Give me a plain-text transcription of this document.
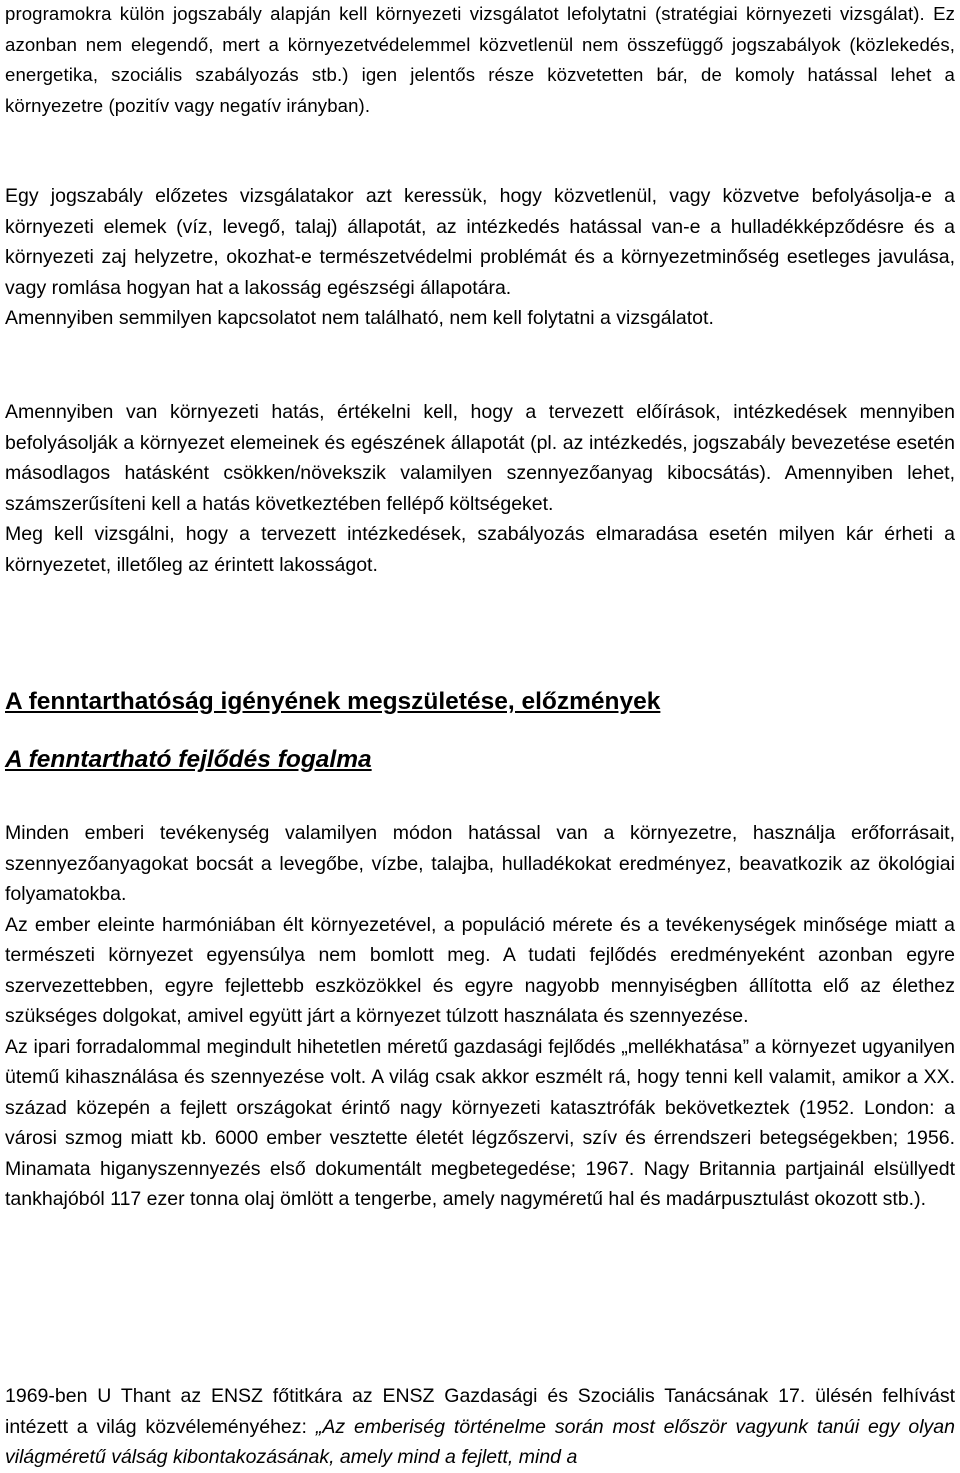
programokra külön jogszabály alapján kell környezeti vizsgálatot lefolytatni (stratégiai környezeti vizsgálat). Ez azonban nem elegendő, mert a környezetvédelemmel közvetlenül nem összefüggő jogszabályok (közlekedés, energetika, szociális szabályozás stb.) igen jelentős része közvetetten bár, de komoly hatással lehet a környezetre (pozitív vagy negatív irányban).

Egy jogszabály előzetes vizsgálatakor azt keressük, hogy közvetlenül, vagy közvetve befolyásolja-e a környezeti elemek (víz, levegő, talaj) állapotát, az intézkedés hatással van-e a hulladékképződésre és a környezeti zaj helyzetre, okozhat-e természetvédelmi problémát és a környezetminőség esetleges javulása, vagy romlása hogyan hat a lakosság egészségi állapotára.

Amennyiben semmilyen kapcsolatot nem található, nem kell folytatni a vizsgálatot.

Amennyiben van környezeti hatás, értékelni kell, hogy a tervezett előírások, intézkedések mennyiben befolyásolják a környezet elemeinek és egészének állapotát (pl. az intézkedés, jogszabály bevezetése esetén másodlagos hatásként csökken/növekszik valamilyen szennyezőanyag kibocsátás). Amennyiben lehet, számszerűsíteni kell a hatás következtében fellépő költségeket.

Meg kell vizsgálni, hogy a tervezett intézkedések, szabályozás elmaradása esetén milyen kár érheti a környezetet, illetőleg az érintett lakosságot.

A fenntarthatóság igényének megszületése, előzmények
A fenntartható fejlődés fogalma

Minden emberi tevékenység valamilyen módon hatással van a környezetre, használja erőforrásait, szennyezőanyagokat bocsát a levegőbe, vízbe, talajba, hulladékokat eredményez, beavatkozik az ökológiai folyamatokba.

Az ember eleinte harmóniában élt környezetével, a populáció mérete és a tevékenységek minősége miatt a természeti környezet egyensúlya nem bomlott meg. A tudati fejlődés eredményeként azonban egyre szervezettebben, egyre fejlettebb eszközökkel és egyre nagyobb mennyiségben állította elő az élethez szükséges dolgokat, amivel együtt járt a környezet túlzott használata és szennyezése.

Az ipari forradalommal megindult hihetetlen méretű gazdasági fejlődés „mellékhatása” a környezet ugyanilyen ütemű kihasználása és szennyezése volt. A világ csak akkor eszmélt rá, hogy tenni kell valamit, amikor a XX. század közepén a fejlett országokat érintő nagy környezeti katasztrófák bekövetkeztek (1952. London: a városi szmog miatt kb. 6000 ember vesztette életét légzőszervi, szív és érrendszeri betegségekben; 1956. Minamata higanyszennyezés első dokumentált megbetegedése; 1967. Nagy Britannia partjainál elsüllyedt tankhajóból 117 ezer tonna olaj ömlött a tengerbe, amely nagyméretű hal és madárpusztulást okozott stb.).

1969-ben U Thant az ENSZ főtitkára az ENSZ Gazdasági és Szociális Tanácsának 17. ülésén felhívást intézett a világ közvéleményéhez: „Az emberiség történelme során most először vagyunk tanúi egy olyan világméretű válság kibontakozásának, amely mind a fejlett, mind a
